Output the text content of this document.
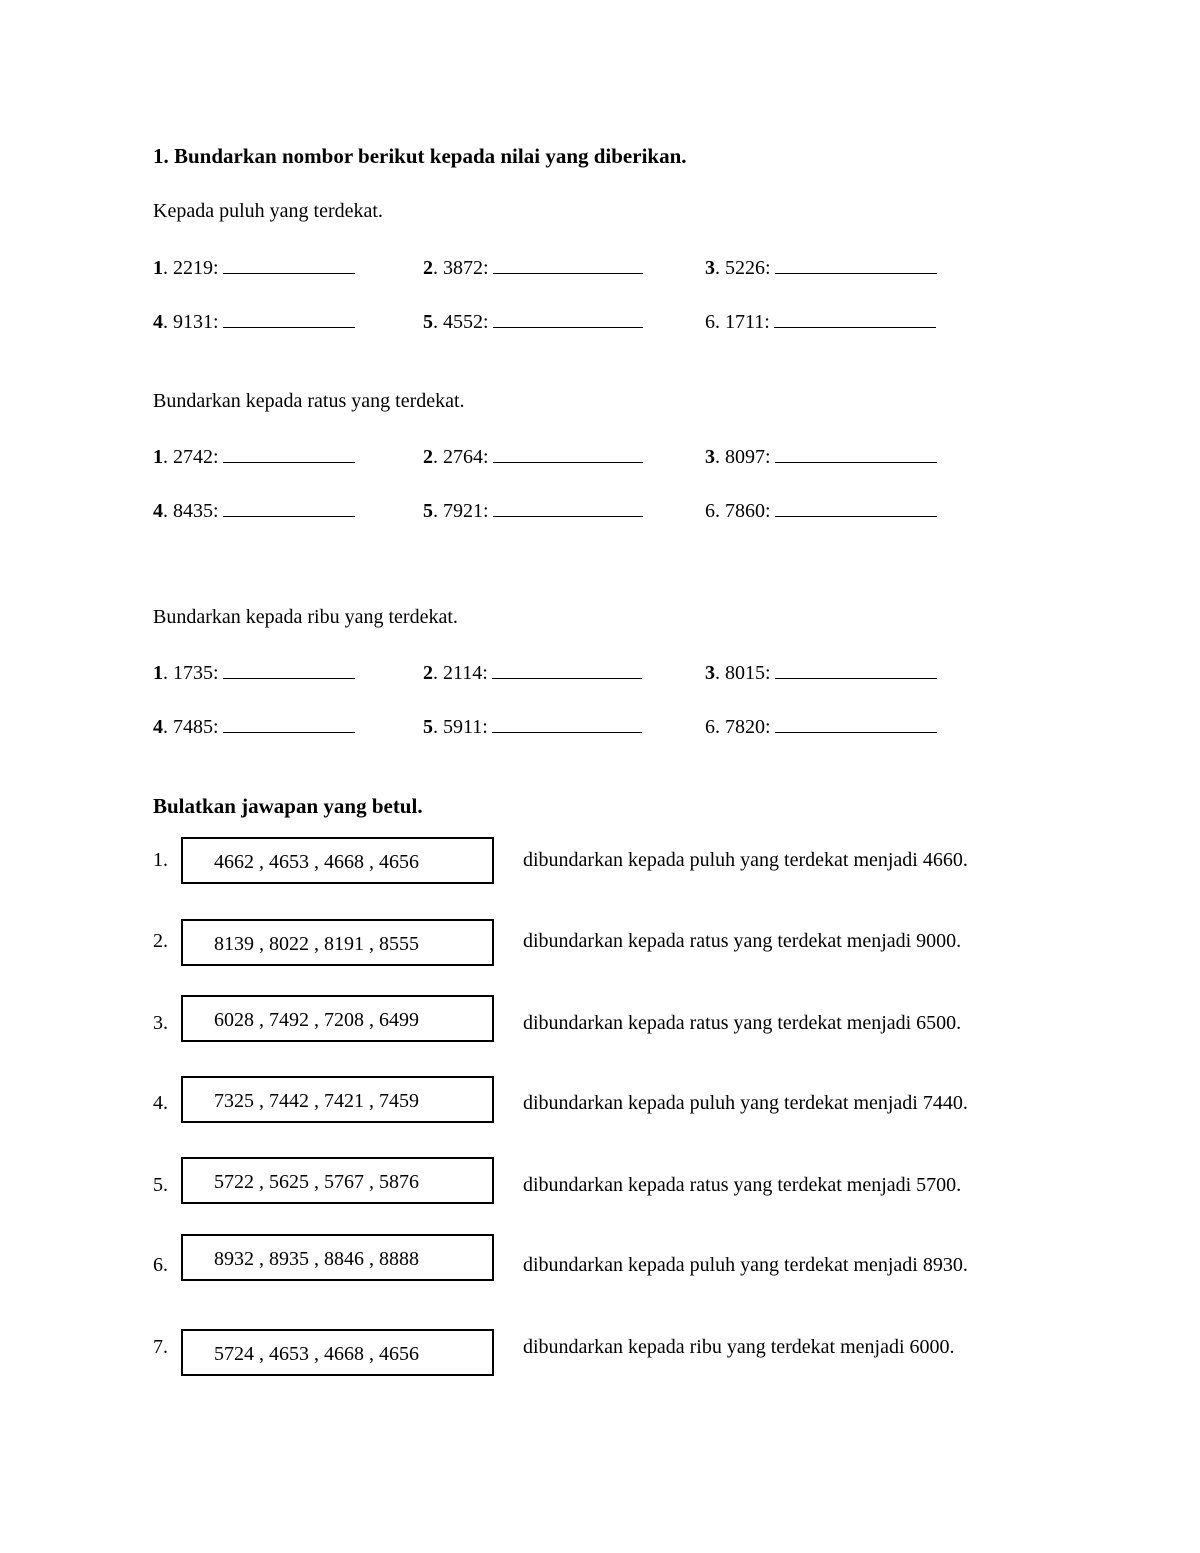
1. Bundarkan nombor berikut kepada nilai yang diberikan.
Kepada puluh yang terdekat.
1. 2219:	2. 3872:	3. 5226:
4. 9131:	5. 4552:	6. 1711:
Bundarkan kepada ratus yang terdekat.
1. 2742:	2. 2764:	3. 8097:
4. 8435:	5. 7921:	6. 7860:
Bundarkan kepada ribu yang terdekat.
1. 1735:	2. 2114:	3. 8015:
4. 7485:	5. 5911:	6. 7820:
Bulatkan jawapan yang betul.
1. 4662 , 4653 , 4668 , 4656	dibundarkan kepada puluh yang terdekat menjadi 4660.
2. 8139 , 8022 , 8191 , 8555	dibundarkan kepada ratus yang terdekat menjadi 9000.
3. 6028 , 7492 , 7208 , 6499	dibundarkan kepada ratus yang terdekat menjadi 6500.
4. 7325 , 7442 , 7421 , 7459	dibundarkan kepada puluh yang terdekat menjadi 7440.
5. 5722 , 5625 , 5767 , 5876	dibundarkan kepada ratus yang terdekat menjadi 5700.
6. 8932 , 8935 , 8846 , 8888	dibundarkan kepada puluh yang terdekat menjadi 8930.
7. 5724 , 4653 , 4668 , 4656	dibundarkan kepada ribu yang terdekat menjadi 6000.
